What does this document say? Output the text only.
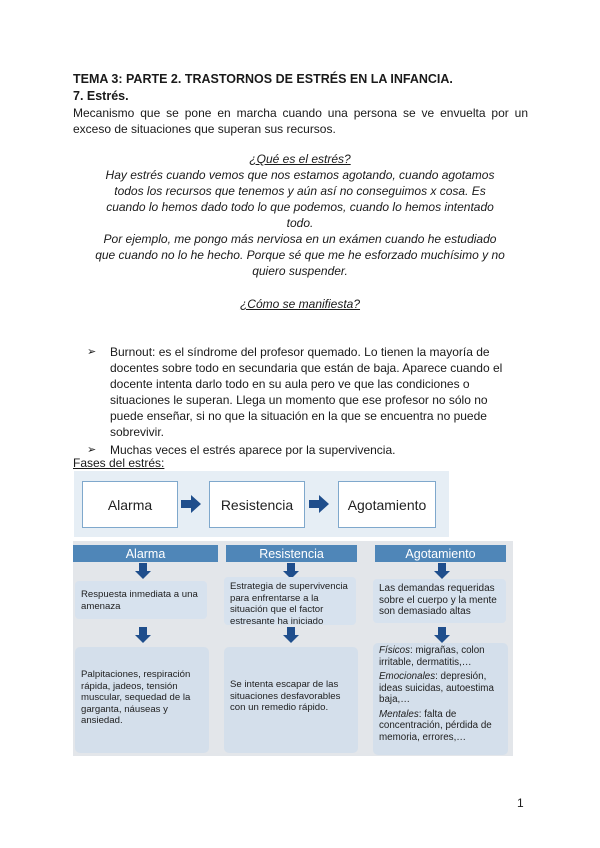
TEMA 3: PARTE 2. TRASTORNOS DE ESTRÉS EN LA INFANCIA.
7. Estrés.
Mecanismo que se pone en marcha cuando una persona se ve envuelta por un exceso de situaciones que superan sus recursos.
¿Qué es el estrés?
Hay estrés cuando vemos que nos estamos agotando, cuando agotamos todos los recursos que tenemos y aún así no conseguimos x cosa. Es cuando lo hemos dado todo lo que podemos, cuando lo hemos intentado todo.
Por ejemplo, me pongo más nerviosa en un exámen cuando he estudiado que cuando no lo he hecho. Porque sé que me he esforzado muchísimo y no quiero suspender.
¿Cómo se manifiesta?
➢ Burnout: es el síndrome del profesor quemado. Lo tienen la mayoría de docentes sobre todo en secundaria que están de baja. Aparece cuando el docente intenta darlo todo en su aula pero ve que las condiciones o situaciones le superan. Llega un momento que ese profesor no sólo no puede enseñar, si no que la situación en la que se encuentra no puede sobrevivir.
➢ Muchas veces el estrés aparece por la supervivencia.
Fases del estrés:
Alarma	Resistencia	Agotamiento
Alarma

Respuesta inmediata a una amenaza

Palpitaciones, respiración rápida, jadeos, tensión muscular, sequedad de la garganta, náuseas y ansiedad.

Resistencia

Estrategia de supervivencia para enfrentarse a la situación que el factor estresante ha iniciado

Se intenta escapar de las situaciones desfavorables con un remedio rápido.

Agotamiento

Las demandas requeridas sobre el cuerpo y la mente son demasiado altas

Físicos: migrañas, colon irritable, dermatitis,…

Emocionales: depresión, ideas suicidas, autoestima baja,…

Mentales: falta de concentración, pérdida de memoria, errores,…

1
